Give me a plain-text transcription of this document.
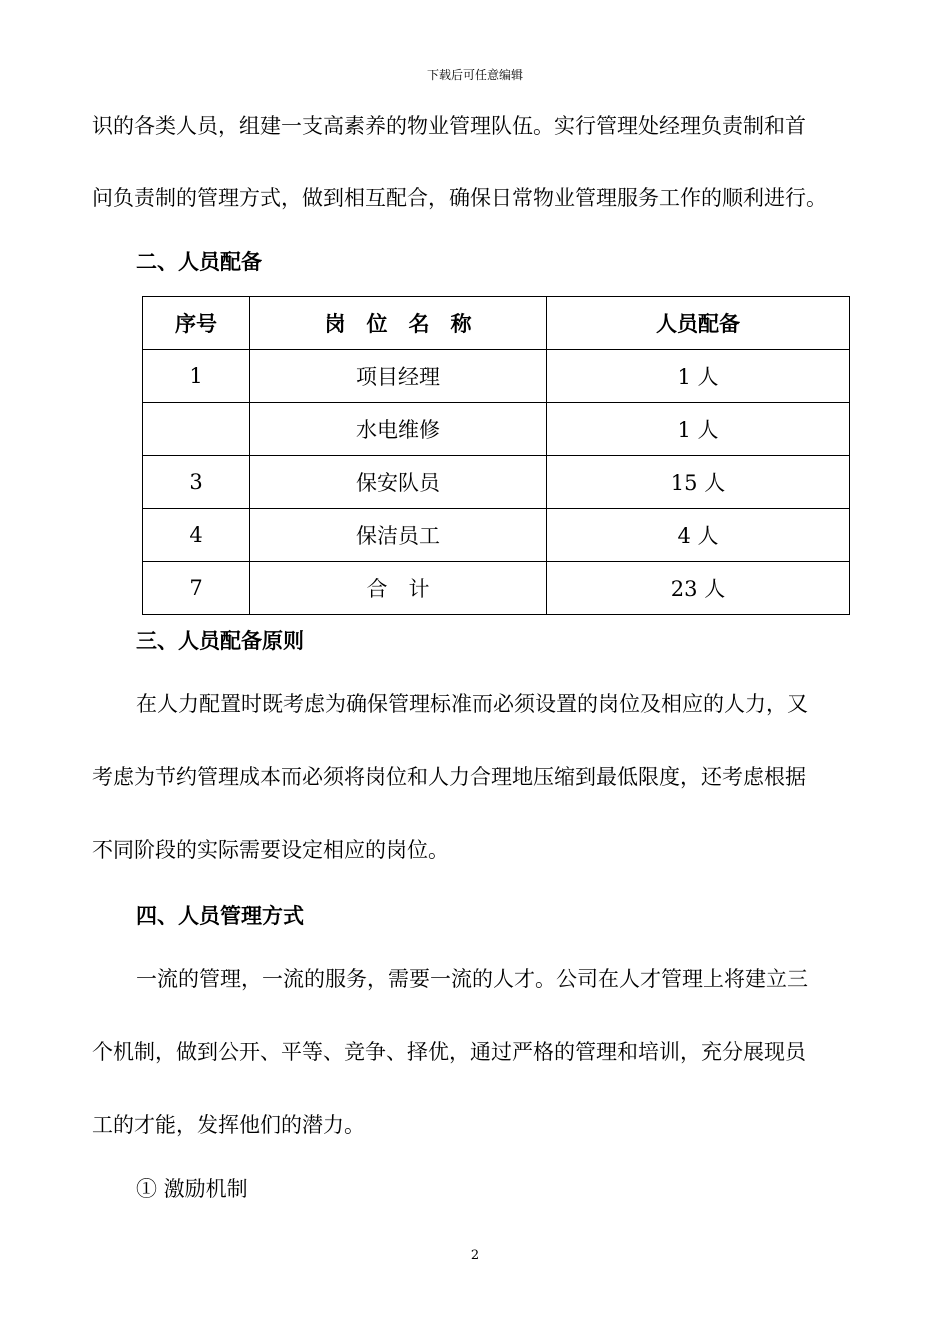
下载后可任意编辑
识的各类人员，组建一支高素养的物业管理队伍。实行管理处经理负责制和首
问负责制的管理方式，做到相互配合，确保日常物业管理服务工作的顺利进行。
二、人员配备
序号	岗　位　名　称	人员配备
1	项目经理	1 人
	水电维修	1 人
3	保安队员	15 人
4	保洁员工	4 人
7	合　计	23 人
三、人员配备原则
在人力配置时既考虑为确保管理标准而必须设置的岗位及相应的人力，又
考虑为节约管理成本而必须将岗位和人力合理地压缩到最低限度，还考虑根据
不同阶段的实际需要设定相应的岗位。
四、人员管理方式
一流的管理，一流的服务，需要一流的人才。公司在人才管理上将建立三
个机制，做到公开、平等、竞争、择优，通过严格的管理和培训，充分展现员
工的才能，发挥他们的潜力。
① 激励机制
2
